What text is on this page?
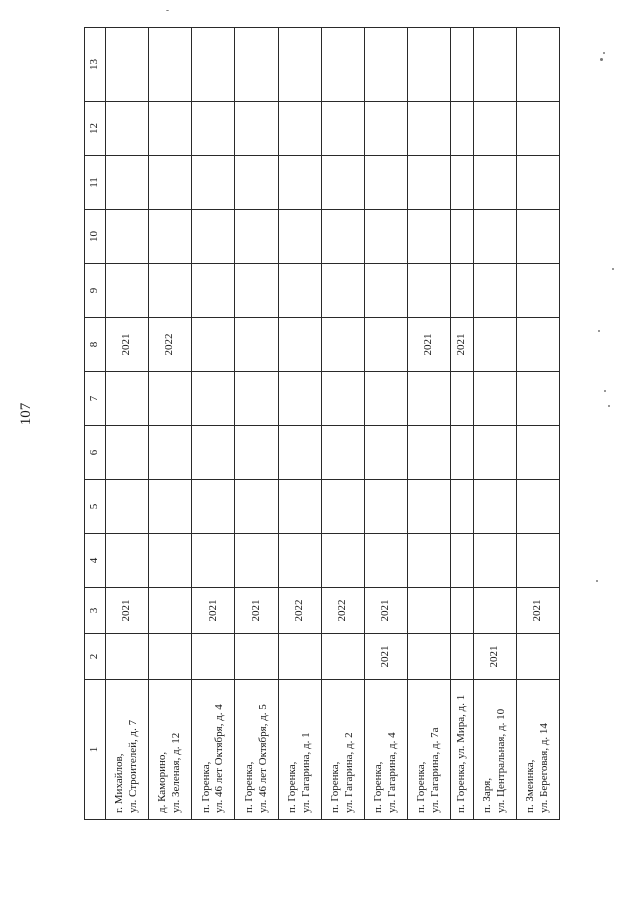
107
1	2	3	4	5	6	7	8	9	10	11	12	13

г. Михайлов, ул. Строителей, д. 7		2021					2021					

д. Каморино, ул. Зеленая, д. 12							2022					

п. Горенка, ул. 46 лет Октября, д. 4		2021										

п. Горенка, ул. 46 лет Октября, д. 5		2021										

п. Горенка, ул. Гагарина, д. 1		2022										

п. Горенка, ул. Гагарина, д. 2		2022										

п. Горенка, ул. Гагарина, д. 4	2021	2021										

п. Горенка, ул. Гагарина, д. 7а							2021					

п. Горенка, ул. Мира, д. 1							2021					

п. Заря, ул. Центральная, д. 10	2021											

п. Змеинка, ул. Береговая, д. 14		2021										
